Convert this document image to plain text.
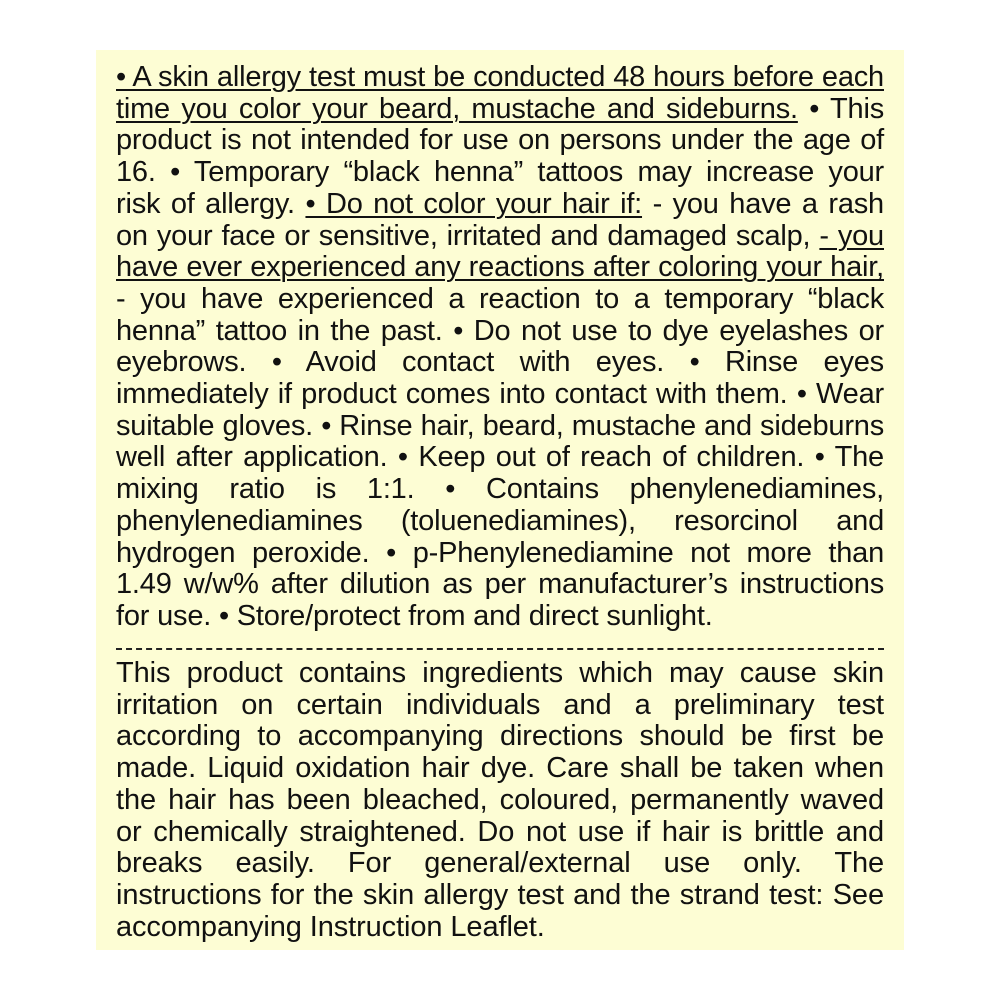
• A skin allergy test must be conducted 48 hours before each time you color your beard, mustache and sideburns. • This product is not intended for use on persons under the age of 16. • Temporary “black henna” tattoos may increase your risk of allergy. • Do not color your hair if: - you have a rash on your face or sensitive, irritated and damaged scalp, - you have ever experienced any reactions after coloring your hair, - you have experienced a reaction to a temporary “black henna” tattoo in the past. • Do not use to dye eyelashes or eyebrows. • Avoid contact with eyes. • Rinse eyes immediately if product comes into contact with them. • Wear suitable gloves. • Rinse hair, beard, mustache and sideburns well after application. • Keep out of reach of children. • The mixing ratio is 1:1. • Contains phenylenediamines, phenylenediamines (toluenediamines), resorcinol and hydrogen peroxide. • p-Phenylenediamine not more than 1.49 w/w% after dilution as per manufacturer’s instructions for use. • Store/protect from and direct sunlight.
This product contains ingredients which may cause skin irritation on certain individuals and a preliminary test according to accompanying directions should be first be made. Liquid oxidation hair dye. Care shall be taken when the hair has been bleached, coloured, permanently waved or chemically straightened. Do not use if hair is brittle and breaks easily. For general/external use only. The instructions for the skin allergy test and the strand test: See accompanying Instruction Leaflet.
